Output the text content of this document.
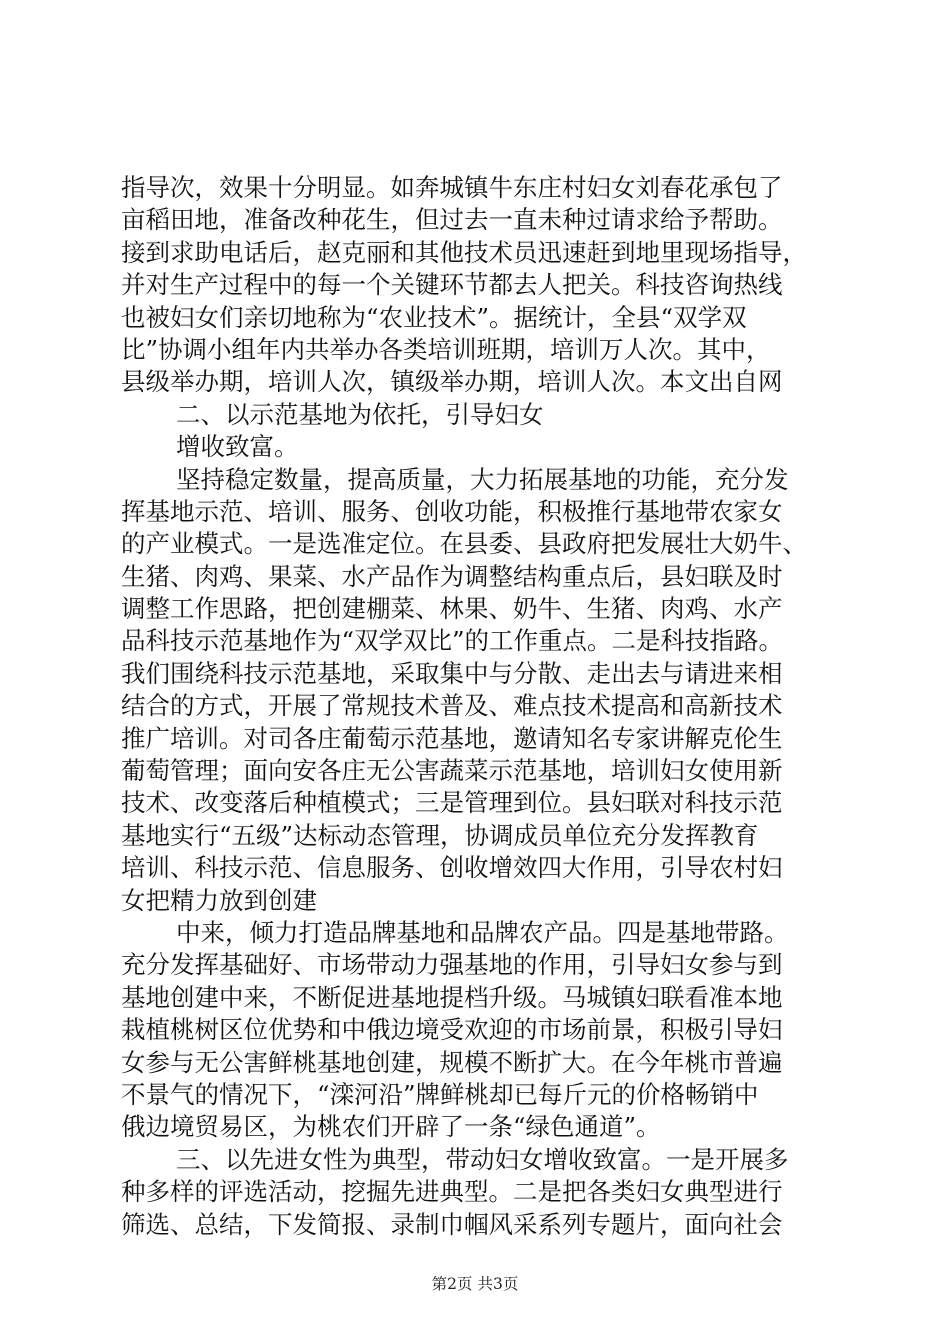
指导次，效果十分明显。如奔城镇牛东庄村妇女刘春花承包了
亩稻田地，准备改种花生，但过去一直未种过请求给予帮助。
接到求助电话后，赵克丽和其他技术员迅速赶到地里现场指导，
并对生产过程中的每一个关键环节都去人把关。科技咨询热线
也被妇女们亲切地称为“农业技术”。据统计，全县“双学双
比”协调小组年内共举办各类培训班期，培训万人次。其中，
县级举办期，培训人次，镇级举办期，培训人次。本文出自网
二、以示范基地为依托，引导妇女
增收致富。
坚持稳定数量，提高质量，大力拓展基地的功能，充分发
挥基地示范、培训、服务、创收功能，积极推行基地带农家女
的产业模式。一是选准定位。在县委、县政府把发展壮大奶牛、
生猪、肉鸡、果菜、水产品作为调整结构重点后，县妇联及时
调整工作思路，把创建棚菜、林果、奶牛、生猪、肉鸡、水产
品科技示范基地作为“双学双比”的工作重点。二是科技指路。
我们围绕科技示范基地，采取集中与分散、走出去与请进来相
结合的方式，开展了常规技术普及、难点技术提高和高新技术
推广培训。对司各庄葡萄示范基地，邀请知名专家讲解克伦生
葡萄管理；面向安各庄无公害蔬菜示范基地，培训妇女使用新
技术、改变落后种植模式；三是管理到位。县妇联对科技示范
基地实行“五级”达标动态管理，协调成员单位充分发挥教育
培训、科技示范、信息服务、创收增效四大作用，引导农村妇
女把精力放到创建
中来，倾力打造品牌基地和品牌农产品。四是基地带路。
充分发挥基础好、市场带动力强基地的作用，引导妇女参与到
基地创建中来，不断促进基地提档升级。马城镇妇联看准本地
栽植桃树区位优势和中俄边境受欢迎的市场前景，积极引导妇
女参与无公害鲜桃基地创建，规模不断扩大。在今年桃市普遍
不景气的情况下，“滦河沿”牌鲜桃却已每斤元的价格畅销中
俄边境贸易区，为桃农们开辟了一条“绿色通道”。
三、以先进女性为典型，带动妇女增收致富。一是开展多
种多样的评选活动，挖掘先进典型。二是把各类妇女典型进行
筛选、总结，下发简报、录制巾帼风采系列专题片，面向社会
第2页 共3页
